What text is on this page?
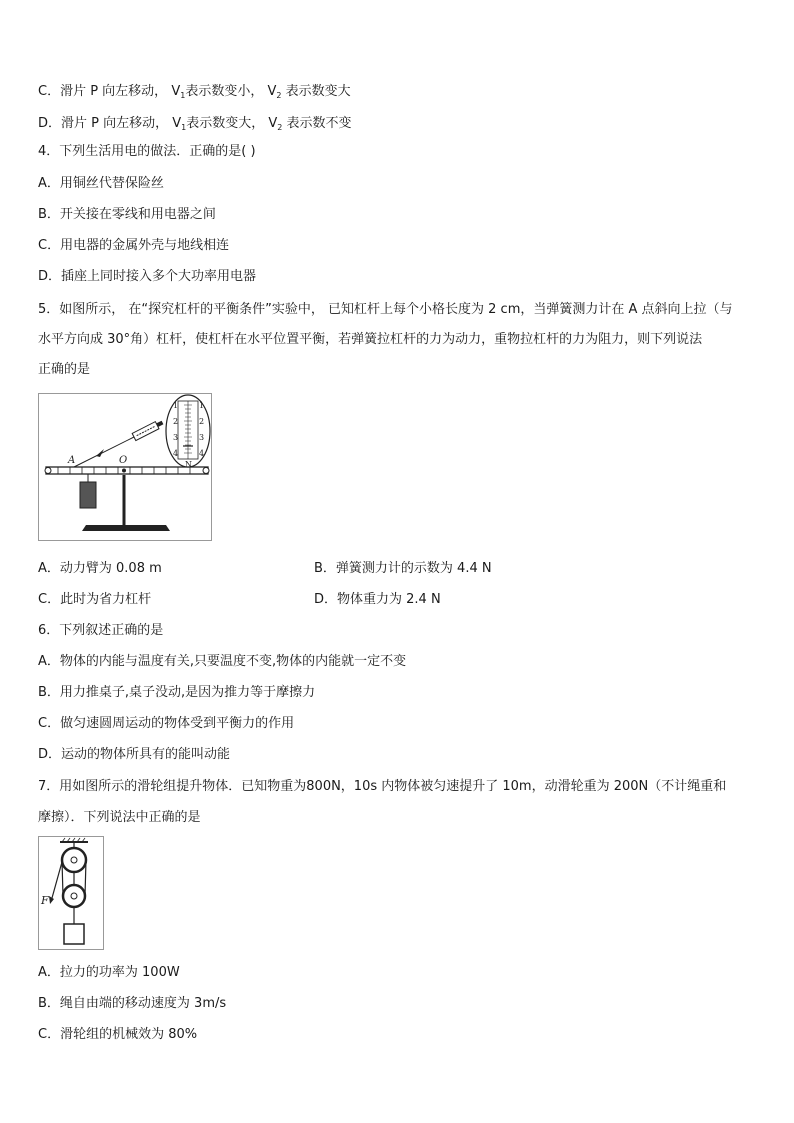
C．滑片 P 向左移动， $V_1$表示数变小， $V_2$ 表示数变大
D．滑片 P 向左移动， $V_1$表示数变大， $V_2$ 表示数不变
4．下列生活用电的做法．正确的是( )
A．用铜丝代替保险丝
B．开关接在零线和用电器之间
C．用电器的金属外壳与地线相连
D．插座上同时接入多个大功率用电器
5．如图所示， 在“探究杠杆的平衡条件”实验中， 已知杠杆上每个小格长度为 2 cm，当弹簧测力计在 A 点斜向上拉（与
水平方向成 30°角）杠杆，使杠杆在水平位置平衡，若弹簧拉杠杆的力为动力，重物拉杠杆的力为阻力，则下列说法
正确的是
1
2
3
4
1
2
3
4
N
A	O
A．动力臂为 0.08 m	B．弹簧测力计的示数为 4.4 N
C．此时为省力杠杆	D．物体重力为 2.4 N
6．下列叙述正确的是
A．物体的内能与温度有关,只要温度不变,物体的内能就一定不变
B．用力推桌子,桌子没动,是因为推力等于摩擦力
C．做匀速圆周运动的物体受到平衡力的作用
D．运动的物体所具有的能叫动能
7．用如图所示的滑轮组提升物体．已知物重为800N，10s 内物体被匀速提升了 10m，动滑轮重为 200N（不计绳重和
摩擦）．下列说法中正确的是
F
A．拉力的功率为 100W
B．绳自由端的移动速度为 3m/s
C．滑轮组的机械效为 80%
